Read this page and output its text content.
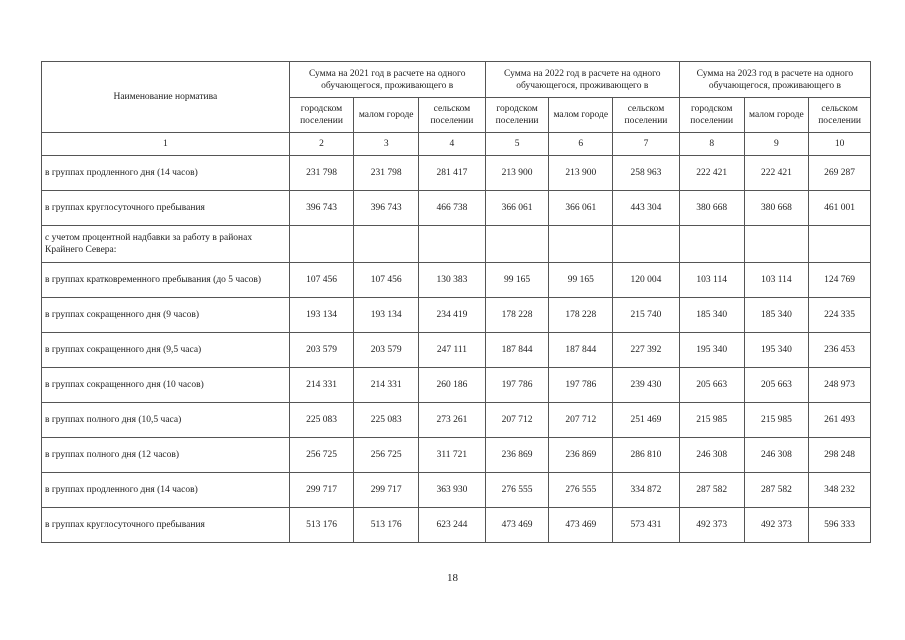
Наименование норматива	Сумма на 2021 год в расчете на одного обучающегося, проживающего в			Сумма на 2022 год в расчете на одного обучающегося, проживающего в			Сумма на 2023 год в расчете на одного обучающегося, проживающего в		
	городском поселении	малом городе	сельском поселении	городском поселении	малом городе	сельском поселении	городском поселении	малом городе	сельском поселении
1	2	3	4	5	6	7	8	9	10
в группах продленного дня (14 часов)	231 798	231 798	281 417	213 900	213 900	258 963	222 421	222 421	269 287
в группах круглосуточного пребывания	396 743	396 743	466 738	366 061	366 061	443 304	380 668	380 668	461 001
с учетом процентной надбавки за работу в районах Крайнего Севера:									
в группах кратковременного пребывания (до 5 часов)	107 456	107 456	130 383	99 165	99 165	120 004	103 114	103 114	124 769
в группах сокращенного дня (9 часов)	193 134	193 134	234 419	178 228	178 228	215 740	185 340	185 340	224 335
в группах сокращенного дня (9,5 часа)	203 579	203 579	247 111	187 844	187 844	227 392	195 340	195 340	236 453
в группах сокращенного дня (10 часов)	214 331	214 331	260 186	197 786	197 786	239 430	205 663	205 663	248 973
в группах полного дня (10,5 часа)	225 083	225 083	273 261	207 712	207 712	251 469	215 985	215 985	261 493
в группах полного дня (12 часов)	256 725	256 725	311 721	236 869	236 869	286 810	246 308	246 308	298 248
в группах продленного дня (14 часов)	299 717	299 717	363 930	276 555	276 555	334 872	287 582	287 582	348 232
в группах круглосуточного пребывания	513 176	513 176	623 244	473 469	473 469	573 431	492 373	492 373	596 333
18
